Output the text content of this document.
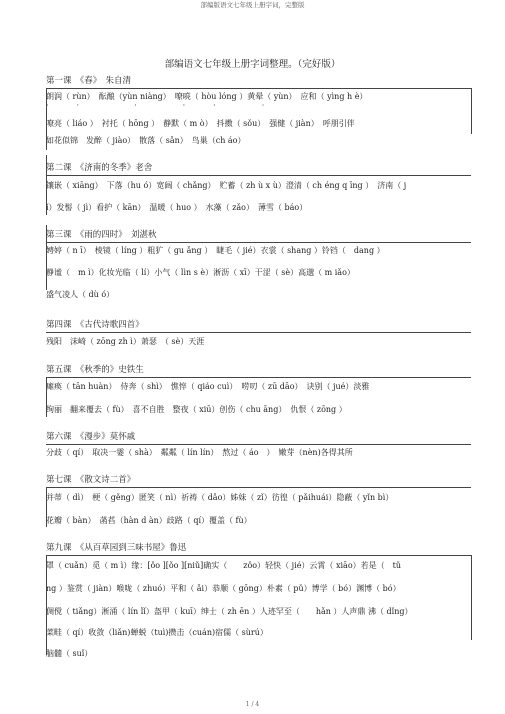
部编版语文七年级上册字词，完整版
部编语文七年级上册字词整理。（完好版）
第一课　《春》　朱自清
朗润（ rùn）　酝酿（yùn niàng）　嘹喨（ hòu lóng ）黄晕（ yùn）　应和（ yìng h è）
·　　　·　　　　　　·　　　　　·　　　·　　　　　·
嘹亮（ liáo ）　衬托（ hōng ）　静默（ m ò）　抖擞（ sǒu）　强健（ jiàn）　呼朋引伴
如花似锦　发醉（ jiào）　散落（ sǎn）　鸟巢（ch áo）
第二课　《济南的冬季》老舍
镶嵌（ xiāng）　下落（hu ó）宽阔（ chǎng）　贮蓄（ zh ù x ù）澄清（ ch éng q īng ）　济南（ j
ǐ）发髻（ jì）看护（ kān）　温暖（ huo ）　水藻（ zǎo）　薄雪（ báo）
第三课　《雨的四时》　刘湛秋
娉婷（ n ī）　棱镜（ líng ）粗犷（ gu ǎng ）　睫毛（ jié）衣裳（ shang ）铃铛（　dang ）
静谧（　m ì）化妆光临（ lí）小气（ lìn s è）淅沥（ xī）干涩（ sè）高邈（ m iǎo）
盛气凌人（ dù ó）
第四课　《古代诗歌四首》
残阳　沫崎（ zōng zh ì）萧瑟　（ sè）天涯
第五课　《秋季的》史铁生
瘫痪（ tān huàn）　侍奔（ shì）　憔悴（ qiáo cuì）　唠叨（ zū dāo）　诀别（ jué）淡雅
绚丽　翻来覆去（ fù）　喜不自胜　整夜（ xiū）创伤（ chu āng）　仇恨（ zōng ）
第六课　《漫步》莫怀戚
分歧（ qí）　取决一霎（ shà）　粼粼（ lín lín）　熬过（ áo　）　嫩芽（nèn)各得其所
第七课　《散文诗二首》
并蒂（ dì）　梗（ gěng）匿笑（ nì）祈祷（ dǎo）姊妹（ zǐ）彷徨（ pǎihuái）隐蔽（ yǐn bì）
花瓣（ bàn）　菡萏（hàn d àn）歧路（ qí）覆盖（ fù）
第九课　《从百草园到三味书屋》鲁迅
罩（ cuǎn）觅（ m ì）缘：[ǒo ][ǒo ][niǔ]确实（　　zǒo）轻快（ jié）云霄（ xiāo）若是（　tǔ
ng ）鉴赏（ jiàn）喉咙（ zhuó）平和（ ǎi）恭顺（ gōng）朴素（ pǔ）博学（ bó）渊博（ bó）
倜傥（ tiǎng）淅涌（ lín lǐ）盔甲（ kuī）绅士（ zh ēn ）人迹罕至（　　hǎn ）人声鼎 沸（ dǐng）
菜畦（ qí）收敛（liǎn)蝉蜕（tuì)攒击（cuán)宿儒（ sùrú）
脑髓（ suǐ）
1 / 4
